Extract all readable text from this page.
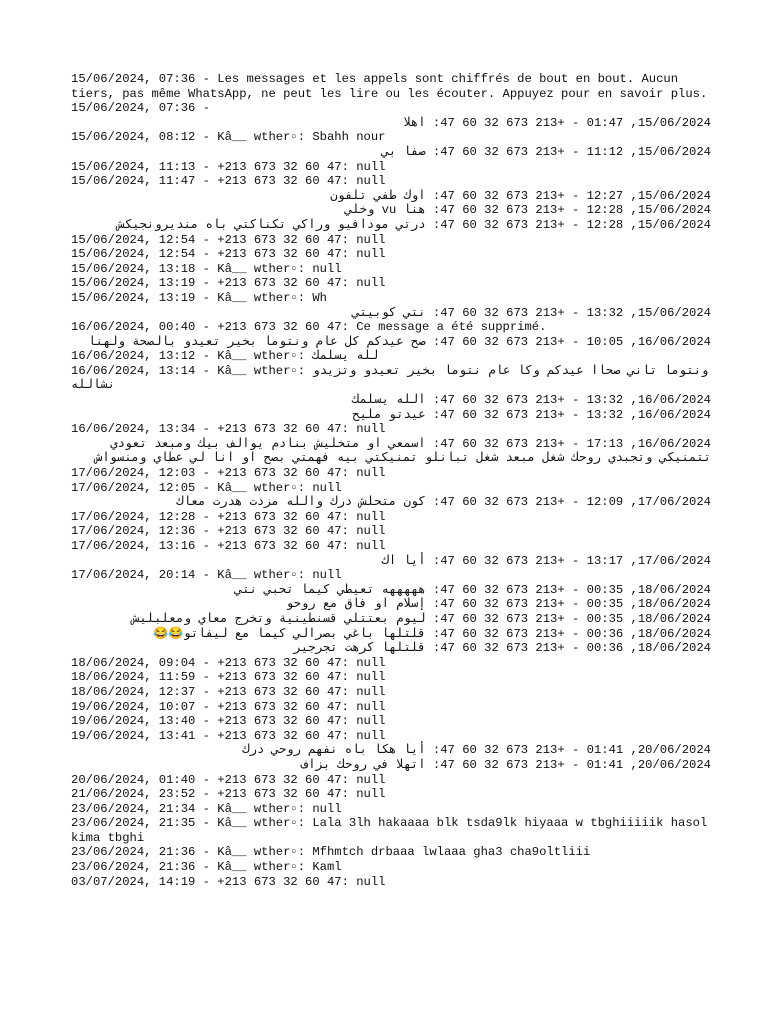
15/06/2024, 07:36 - Les messages et les appels sont chiffrés de bout en bout. Aucun tiers, pas même WhatsApp, ne peut les lire ou les écouter. Appuyez pour en savoir plus.
15/06/2024, 07:36 -
15/06/2024, 01:47 - +213 673 32 60 47: اهلا
15/06/2024, 08:12 - Kâ__ wther▫: Sbahh nour
15/06/2024, 11:12 - +213 673 32 60 47: صفا بي
15/06/2024, 11:13 - +213 673 32 60 47: null
15/06/2024, 11:47 - +213 673 32 60 47: null
15/06/2024, 12:27 - +213 673 32 60 47: اوك طفي تلفون
15/06/2024, 12:28 - +213 673 32 60 47: هنا vu وخلي
15/06/2024, 12:28 - +213 673 32 60 47: درتي مودافيو وراكي تكناكتي باه منديرونجيكش
15/06/2024, 12:54 - +213 673 32 60 47: null
15/06/2024, 12:54 - +213 673 32 60 47: null
15/06/2024, 13:18 - Kâ__ wther▫: null
15/06/2024, 13:19 - +213 673 32 60 47: null
15/06/2024, 13:19 - Kâ__ wther▫: Wh
15/06/2024, 13:32 - +213 673 32 60 47: نتي كوبيتي
16/06/2024, 00:40 - +213 673 32 60 47: Ce message a été supprimé.
16/06/2024, 10:05 - +213 673 32 60 47: صح عيدكم كل عام ونتوما بخير تعيدو بالصحة ولهنا
16/06/2024, 13:12 - Kâ__ wther▫: لله يسلمك
16/06/2024, 13:14 - Kâ__ wther▫: ونتوما تاني صحاا عيدكم وكا عام نتوما بخير تعيدو وتزيدو نشالله
16/06/2024, 13:32 - +213 673 32 60 47: الله يسلمك
16/06/2024, 13:32 - +213 673 32 60 47: عيدتو مليح
16/06/2024, 13:34 - +213 673 32 60 47: null
16/06/2024, 17:13 - +213 673 32 60 47: اسمعي او متخليش بنادم يوالف بيك ومبعد تعودي تتمنيكي وتجبدي روحك شغل مبعد شغل تبانلو تمنيكتي بيه فهمتي بصح او انا لي عطاي ومنسواش
17/06/2024, 12:03 - +213 673 32 60 47: null
17/06/2024, 12:05 - Kâ__ wther▫: null
17/06/2024, 12:09 - +213 673 32 60 47: كون متحلش درك والله مزدت هدرت معاك
17/06/2024, 12:28 - +213 673 32 60 47: null
17/06/2024, 12:36 - +213 673 32 60 47: null
17/06/2024, 13:16 - +213 673 32 60 47: null
17/06/2024, 13:17 - +213 673 32 60 47: أيا اك
17/06/2024, 20:14 - Kâ__ wther▫: null
18/06/2024, 00:35 - +213 673 32 60 47: هههههه تعيطي كيما تحبي نتي
18/06/2024, 00:35 - +213 673 32 60 47: إسلام او فاق مع روحو
18/06/2024, 00:35 - +213 673 32 60 47: ليوم بعتتلي قسنطينية وتخرج معاي ومعلبليش
18/06/2024, 00:36 - +213 673 32 60 47: قلتلها باغي بصرالي كيما مع ليفاتو😂😂
18/06/2024, 00:36 - +213 673 32 60 47: قلتلها كرهت تجرجير
18/06/2024, 09:04 - +213 673 32 60 47: null
18/06/2024, 11:59 - +213 673 32 60 47: null
18/06/2024, 12:37 - +213 673 32 60 47: null
19/06/2024, 10:07 - +213 673 32 60 47: null
19/06/2024, 13:40 - +213 673 32 60 47: null
19/06/2024, 13:41 - +213 673 32 60 47: null
20/06/2024, 01:41 - +213 673 32 60 47: أيا هكا باه نفهم روحي درك
20/06/2024, 01:41 - +213 673 32 60 47: اتهلا في روحك بزاف
20/06/2024, 01:40 - +213 673 32 60 47: null
21/06/2024, 23:52 - +213 673 32 60 47: null
23/06/2024, 21:34 - Kâ__ wther▫: null
23/06/2024, 21:35 - Kâ__ wther▫: Lala 3lh hakaaaa blk tsda9lk hiyaaa w tbghiiiiik hasol kima tbghi
23/06/2024, 21:36 - Kâ__ wther▫: Mfhmtch drbaaa lwlaaa gha3 cha9oltliii
23/06/2024, 21:36 - Kâ__ wther▫: Kaml
03/07/2024, 14:19 - +213 673 32 60 47: null
